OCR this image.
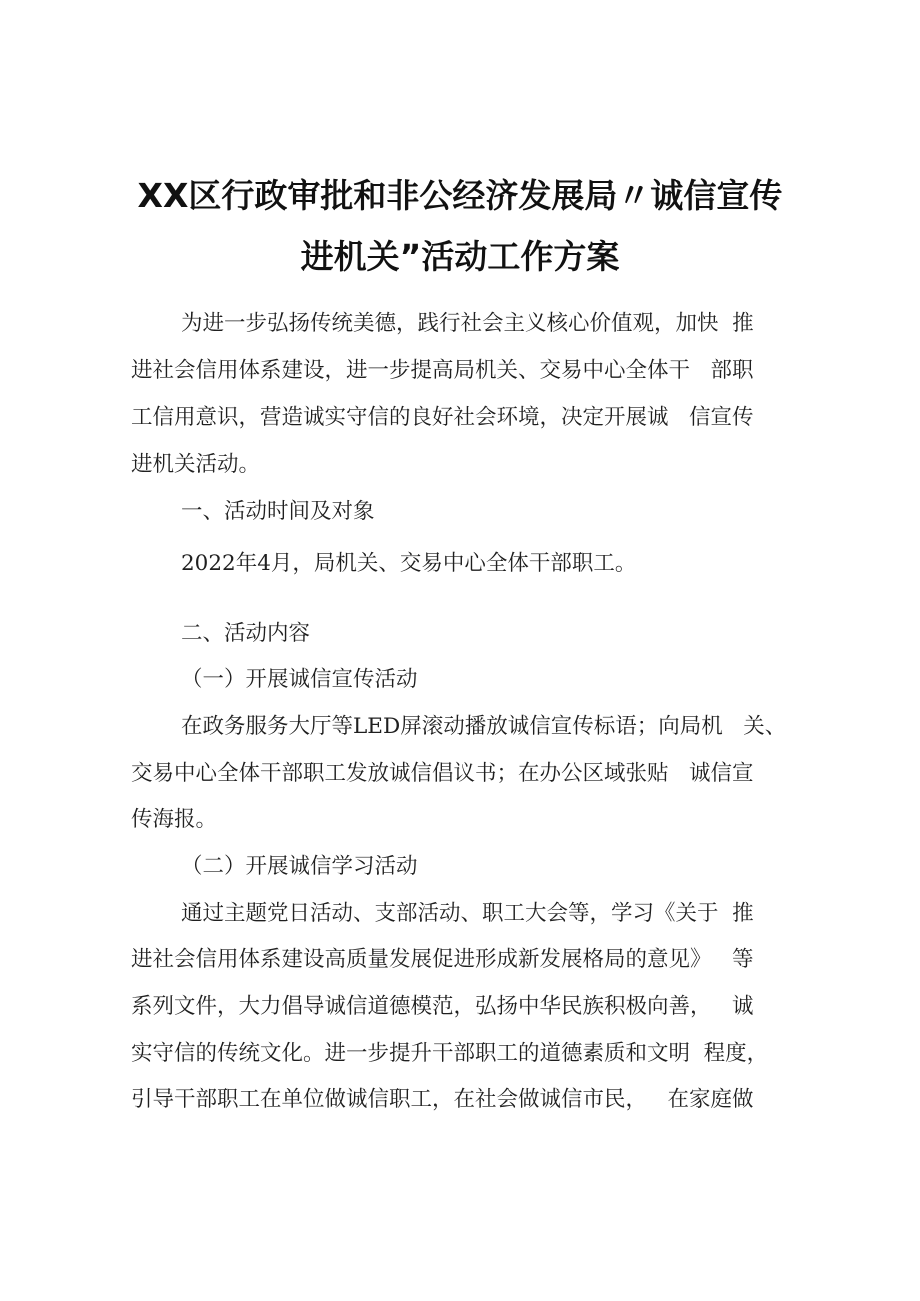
XX区行政审批和非公经济发展局〃诚信宣传
进机关”活动工作方案

为进一步弘扬传统美德，践行社会主义核心价值观，加快  推

进社会信用体系建设，进一步提高局机关、交易中心全体干   部职

工信用意识，营造诚实守信的良好社会环境，决定开展诚   信宣传

进机关活动。

一、活动时间及对象

2022年4月，局机关、交易中心全体干部职工。

二、活动内容

（一）开展诚信宣传活动

在政务服务大厅等LED屏滚动播放诚信宣传标语；向局机   关、

交易中心全体干部职工发放诚信倡议书；在办公区域张贴   诚信宣

传海报。

（二）开展诚信学习活动

通过主题党日活动、支部活动、职工大会等，学习《关于  推

进社会信用体系建设高质量发展促进形成新发展格局的意见》   等

系列文件，大力倡导诚信道德模范，弘扬中华民族积极向善，   诚

实守信的传统文化。进一步提升干部职工的道德素质和文明  程度，

引导干部职工在单位做诚信职工，在社会做诚信市民，   在家庭做
